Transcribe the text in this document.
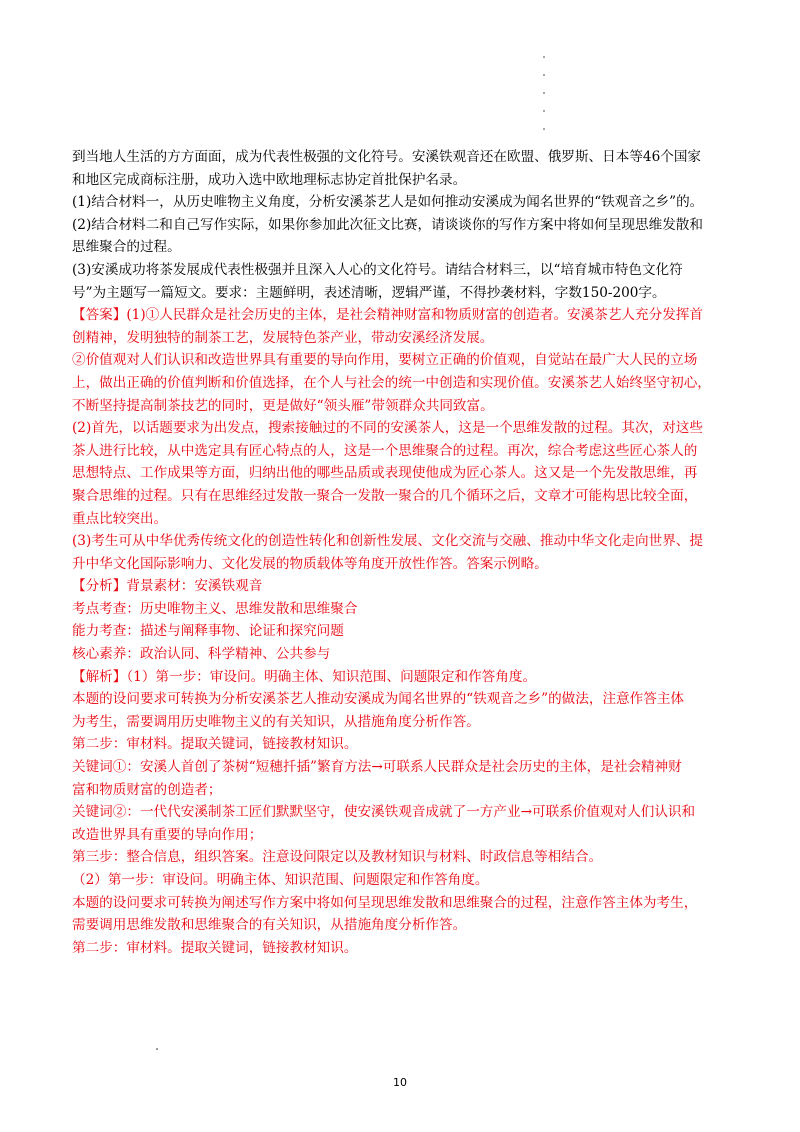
到当地人生活的方方面面，成为代表性极强的文化符号。安溪铁观音还在欧盟、俄罗斯、日本等46个国家
和地区完成商标注册，成功入选中欧地理标志协定首批保护名录。
(1)结合材料一，从历史唯物主义角度，分析安溪茶艺人是如何推动安溪成为闻名世界的“铁观音之乡”的。
(2)结合材料二和自己写作实际，如果你参加此次征文比赛，请谈谈你的写作方案中将如何呈现思维发散和
思维聚合的过程。
(3)安溪成功将茶发展成代表性极强并且深入人心的文化符号。请结合材料三，以“培育城市特色文化符
号”为主题写一篇短文。要求：主题鲜明，表述清晰，逻辑严谨，不得抄袭材料，字数150-200字。
【答案】(1)①人民群众是社会历史的主体，是社会精神财富和物质财富的创造者。安溪茶艺人充分发挥首
创精神，发明独特的制茶工艺，发展特色茶产业，带动安溪经济发展。
②价值观对人们认识和改造世界具有重要的导向作用，要树立正确的价值观，自觉站在最广大人民的立场
上，做出正确的价值判断和价值选择，在个人与社会的统一中创造和实现价值。安溪茶艺人始终坚守初心，
不断坚持提高制茶技艺的同时，更是做好“领头雁”带领群众共同致富。
(2)首先，以话题要求为出发点，搜索接触过的不同的安溪茶人，这是一个思维发散的过程。其次，对这些
茶人进行比较，从中选定具有匠心特点的人，这是一个思维聚合的过程。再次，综合考虑这些匠心茶人的
思想特点、工作成果等方面，归纳出他的哪些品质或表现使他成为匠心茶人。这又是一个先发散思维，再
聚合思维的过程。只有在思维经过发散一聚合一发散一聚合的几个循环之后，文章才可能构思比较全面，
重点比较突出。
(3)考生可从中华优秀传统文化的创造性转化和创新性发展、文化交流与交融、推动中华文化走向世界、提
升中华文化国际影响力、文化发展的物质载体等角度开放性作答。答案示例略。
【分析】背景素材：安溪铁观音
考点考查：历史唯物主义、思维发散和思维聚合
能力考查：描述与阐释事物、论证和探究问题
核心素养：政治认同、科学精神、公共参与
【解析】（1）第一步：审设问。明确主体、知识范围、问题限定和作答角度。
本题的设问要求可转换为分析安溪茶艺人推动安溪成为闻名世界的“铁观音之乡”的做法，注意作答主体
为考生，需要调用历史唯物主义的有关知识，从措施角度分析作答。
第二步：审材料。提取关键词，链接教材知识。
关键词①：安溪人首创了茶树“短穗扦插”繁育方法→可联系人民群众是社会历史的主体，是社会精神财
富和物质财富的创造者；
关键词②：一代代安溪制茶工匠们默默坚守，使安溪铁观音成就了一方产业→可联系价值观对人们认识和
改造世界具有重要的导向作用；
第三步：整合信息，组织答案。注意设问限定以及教材知识与材料、时政信息等相结合。
（2）第一步：审设问。明确主体、知识范围、问题限定和作答角度。
本题的设问要求可转换为阐述写作方案中将如何呈现思维发散和思维聚合的过程，注意作答主体为考生，
需要调用思维发散和思维聚合的有关知识，从措施角度分析作答。
第二步：审材料。提取关键词，链接教材知识。
10
